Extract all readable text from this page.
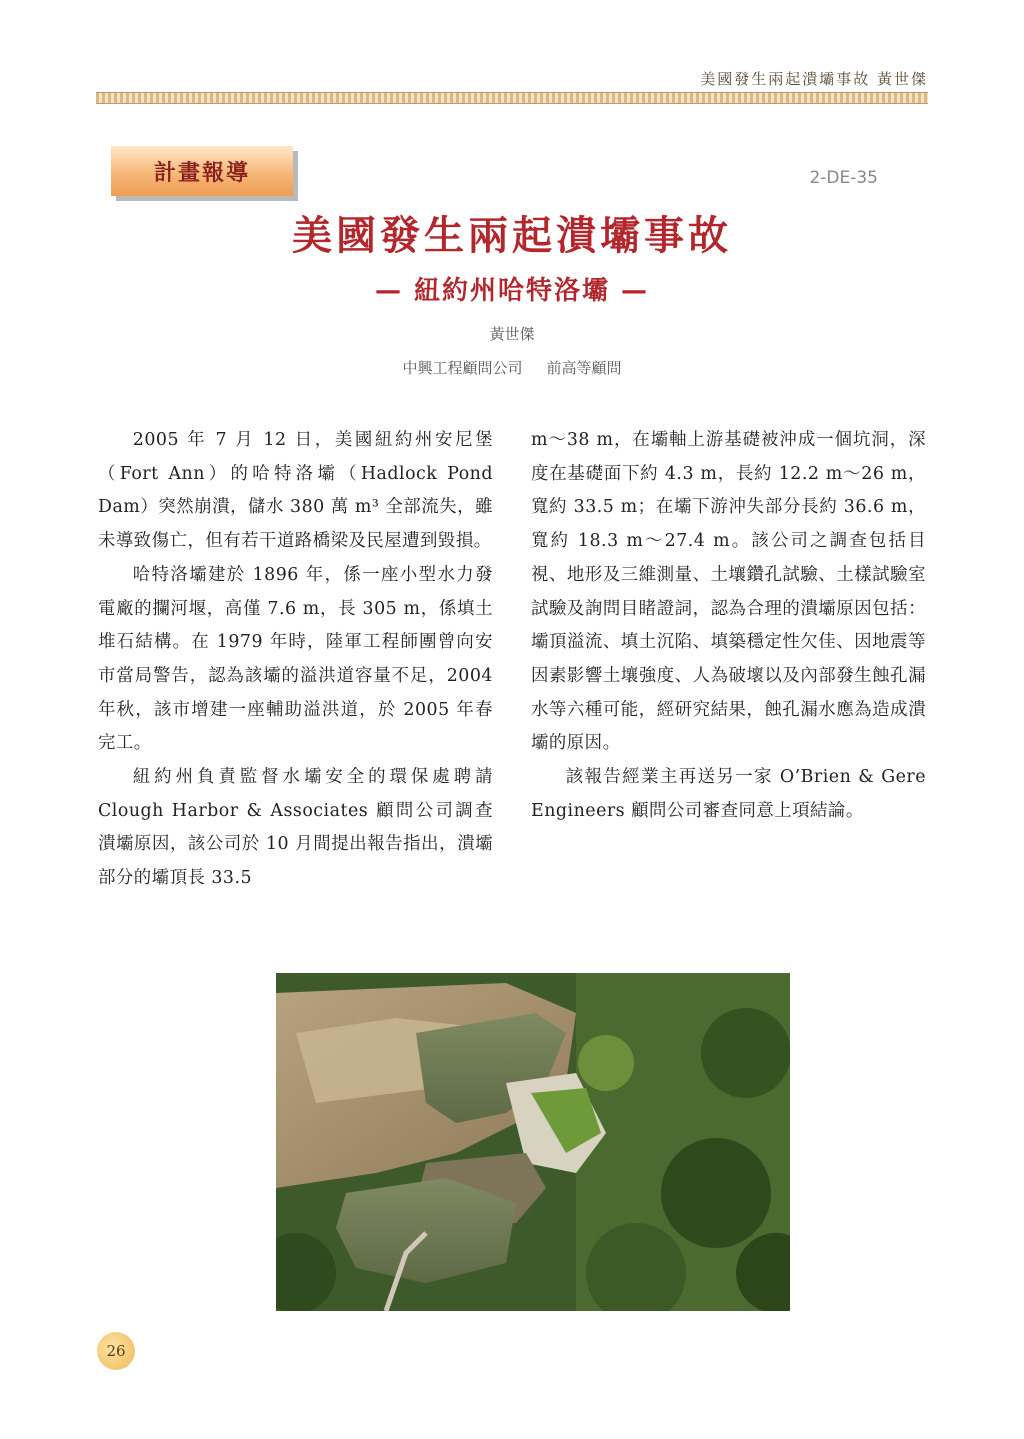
美國發生兩起潰壩事故 黃世傑
計畫報導	2-DE-35
美國發生兩起潰壩事故
— 紐約州哈特洛壩 —
黃世傑
中興工程顧問公司 前高等顧問

2005 年 7 月 12 日，美國紐約州安尼堡（Fort Ann）的哈特洛壩（Hadlock Pond Dam）突然崩潰，儲水 380 萬 m³ 全部流失，雖未導致傷亡，但有若干道路橋梁及民屋遭到毀損。

哈特洛壩建於 1896 年，係一座小型水力發電廠的攔河堰，高僅 7.6 m，長 305 m，係填土堆石結構。在 1979 年時，陸軍工程師團曾向安市當局警告，認為該壩的溢洪道容量不足，2004 年秋，該市增建一座輔助溢洪道，於 2005 年春完工。

紐約州負責監督水壩安全的環保處聘請 Clough Harbor & Associates 顧問公司調查潰壩原因，該公司於 10 月間提出報告指出，潰壩部分的壩頂長 33.5

m～38 m，在壩軸上游基礎被沖成一個坑洞，深度在基礎面下約 4.3 m，長約 12.2 m～26 m，寬約 33.5 m；在壩下游沖失部分長約 36.6 m，寬約 18.3 m～27.4 m。該公司之調查包括目視、地形及三維測量、土壤鑽孔試驗、土樣試驗室試驗及詢問目睹證詞，認為合理的潰壩原因包括：壩頂溢流、填土沉陷、填築穩定性欠佳、因地震等因素影響土壤強度、人為破壞以及內部發生蝕孔漏水等六種可能，經研究結果，蝕孔漏水應為造成潰壩的原因。

該報告經業主再送另一家 O’Brien & Gere Engineers 顧問公司審查同意上項結論。

26
